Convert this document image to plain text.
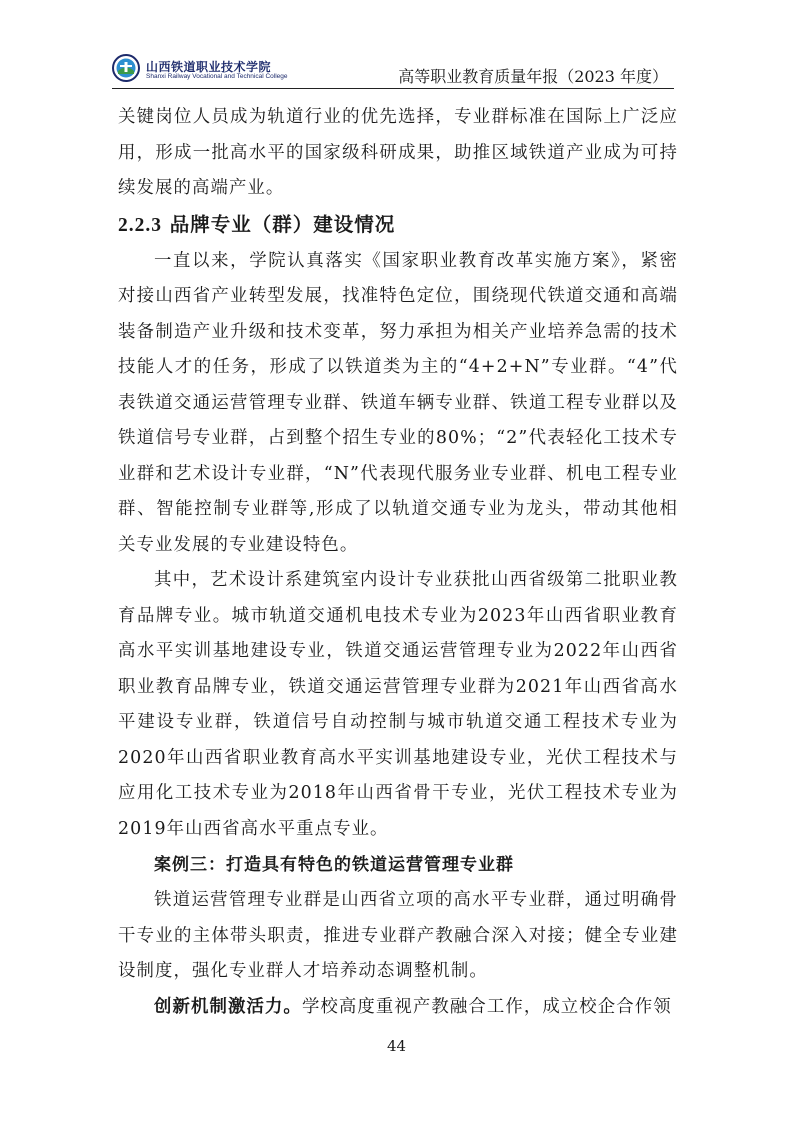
山西铁道职业技术学院
Shanxi Railway Vocational and Technical College	高等职业教育质量年报（2023 年度）

关键岗位人员成为轨道行业的优先选择，专业群标准在国际上广泛应用，形成一批高水平的国家级科研成果，助推区域铁道产业成为可持续发展的高端产业。

2.2.3 品牌专业（群）建设情况

一直以来，学院认真落实《国家职业教育改革实施方案》，紧密对接山西省产业转型发展，找准特色定位，围绕现代铁道交通和高端装备制造产业升级和技术变革，努力承担为相关产业培养急需的技术技能人才的任务，形成了以铁道类为主的“4+2+N”专业群。“4”代表铁道交通运营管理专业群、铁道车辆专业群、铁道工程专业群以及铁道信号专业群，占到整个招生专业的80%；“2”代表轻化工技术专业群和艺术设计专业群，“N”代表现代服务业专业群、机电工程专业群、智能控制专业群等,形成了以轨道交通专业为龙头，带动其他相关专业发展的专业建设特色。

其中，艺术设计系建筑室内设计专业获批山西省级第二批职业教育品牌专业。城市轨道交通机电技术专业为2023年山西省职业教育高水平实训基地建设专业，铁道交通运营管理专业为2022年山西省职业教育品牌专业，铁道交通运营管理专业群为2021年山西省高水平建设专业群，铁道信号自动控制与城市轨道交通工程技术专业为2020年山西省职业教育高水平实训基地建设专业，光伏工程技术与应用化工技术专业为2018年山西省骨干专业，光伏工程技术专业为2019年山西省高水平重点专业。

案例三：打造具有特色的铁道运营管理专业群

铁道运营管理专业群是山西省立项的高水平专业群，通过明确骨干专业的主体带头职责，推进专业群产教融合深入对接；健全专业建设制度，强化专业群人才培养动态调整机制。

创新机制激活力。学校高度重视产教融合工作，成立校企合作领

44
